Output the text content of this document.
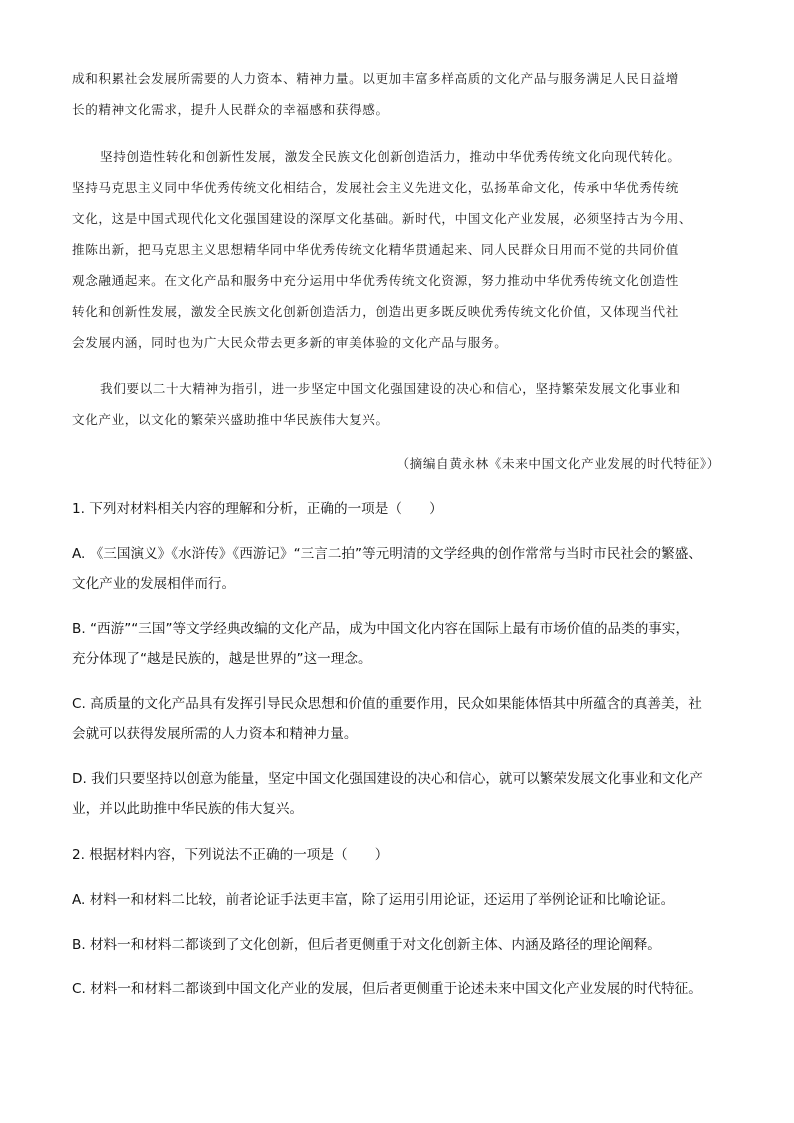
成和积累社会发展所需要的人力资本、精神力量。以更加丰富多样高质的文化产品与服务满足人民日益增
长的精神文化需求，提升人民群众的幸福感和获得感。
坚持创造性转化和创新性发展，激发全民族文化创新创造活力，推动中华优秀传统文化向现代转化。
坚持马克思主义同中华优秀传统文化相结合，发展社会主义先进文化，弘扬革命文化，传承中华优秀传统
文化，这是中国式现代化文化强国建设的深厚文化基础。新时代，中国文化产业发展，必须坚持古为今用、
推陈出新，把马克思主义思想精华同中华优秀传统文化精华贯通起来、同人民群众日用而不觉的共同价值
观念融通起来。在文化产品和服务中充分运用中华优秀传统文化资源，努力推动中华优秀传统文化创造性
转化和创新性发展，激发全民族文化创新创造活力，创造出更多既反映优秀传统文化价值，又体现当代社
会发展内涵，同时也为广大民众带去更多新的审美体验的文化产品与服务。
我们要以二十大精神为指引，进一步坚定中国文化强国建设的决心和信心，坚持繁荣发展文化事业和
文化产业，以文化的繁荣兴盛助推中华民族伟大复兴。
（摘编自黄永林《未来中国文化产业发展的时代特征》）
1. 下列对材料相关内容的理解和分析，正确的一项是（　　）
A. 《三国演义》《水浒传》《西游记》“三言二拍”等元明清的文学经典的创作常常与当时市民社会的繁盛、
文化产业的发展相伴而行。
B. “西游”“三国”等文学经典改编的文化产品，成为中国文化内容在国际上最有市场价值的品类的事实，
充分体现了“越是民族的，越是世界的”这一理念。
C. 高质量的文化产品具有发挥引导民众思想和价值的重要作用，民众如果能体悟其中所蕴含的真善美，社
会就可以获得发展所需的人力资本和精神力量。
D. 我们只要坚持以创意为能量，坚定中国文化强国建设的决心和信心，就可以繁荣发展文化事业和文化产
业，并以此助推中华民族的伟大复兴。
2. 根据材料内容，下列说法不正确的一项是（　　）
A. 材料一和材料二比较，前者论证手法更丰富，除了运用引用论证，还运用了举例论证和比喻论证。
B. 材料一和材料二都谈到了文化创新，但后者更侧重于对文化创新主体、内涵及路径的理论阐释。
C. 材料一和材料二都谈到中国文化产业的发展，但后者更侧重于论述未来中国文化产业发展的时代特征。
